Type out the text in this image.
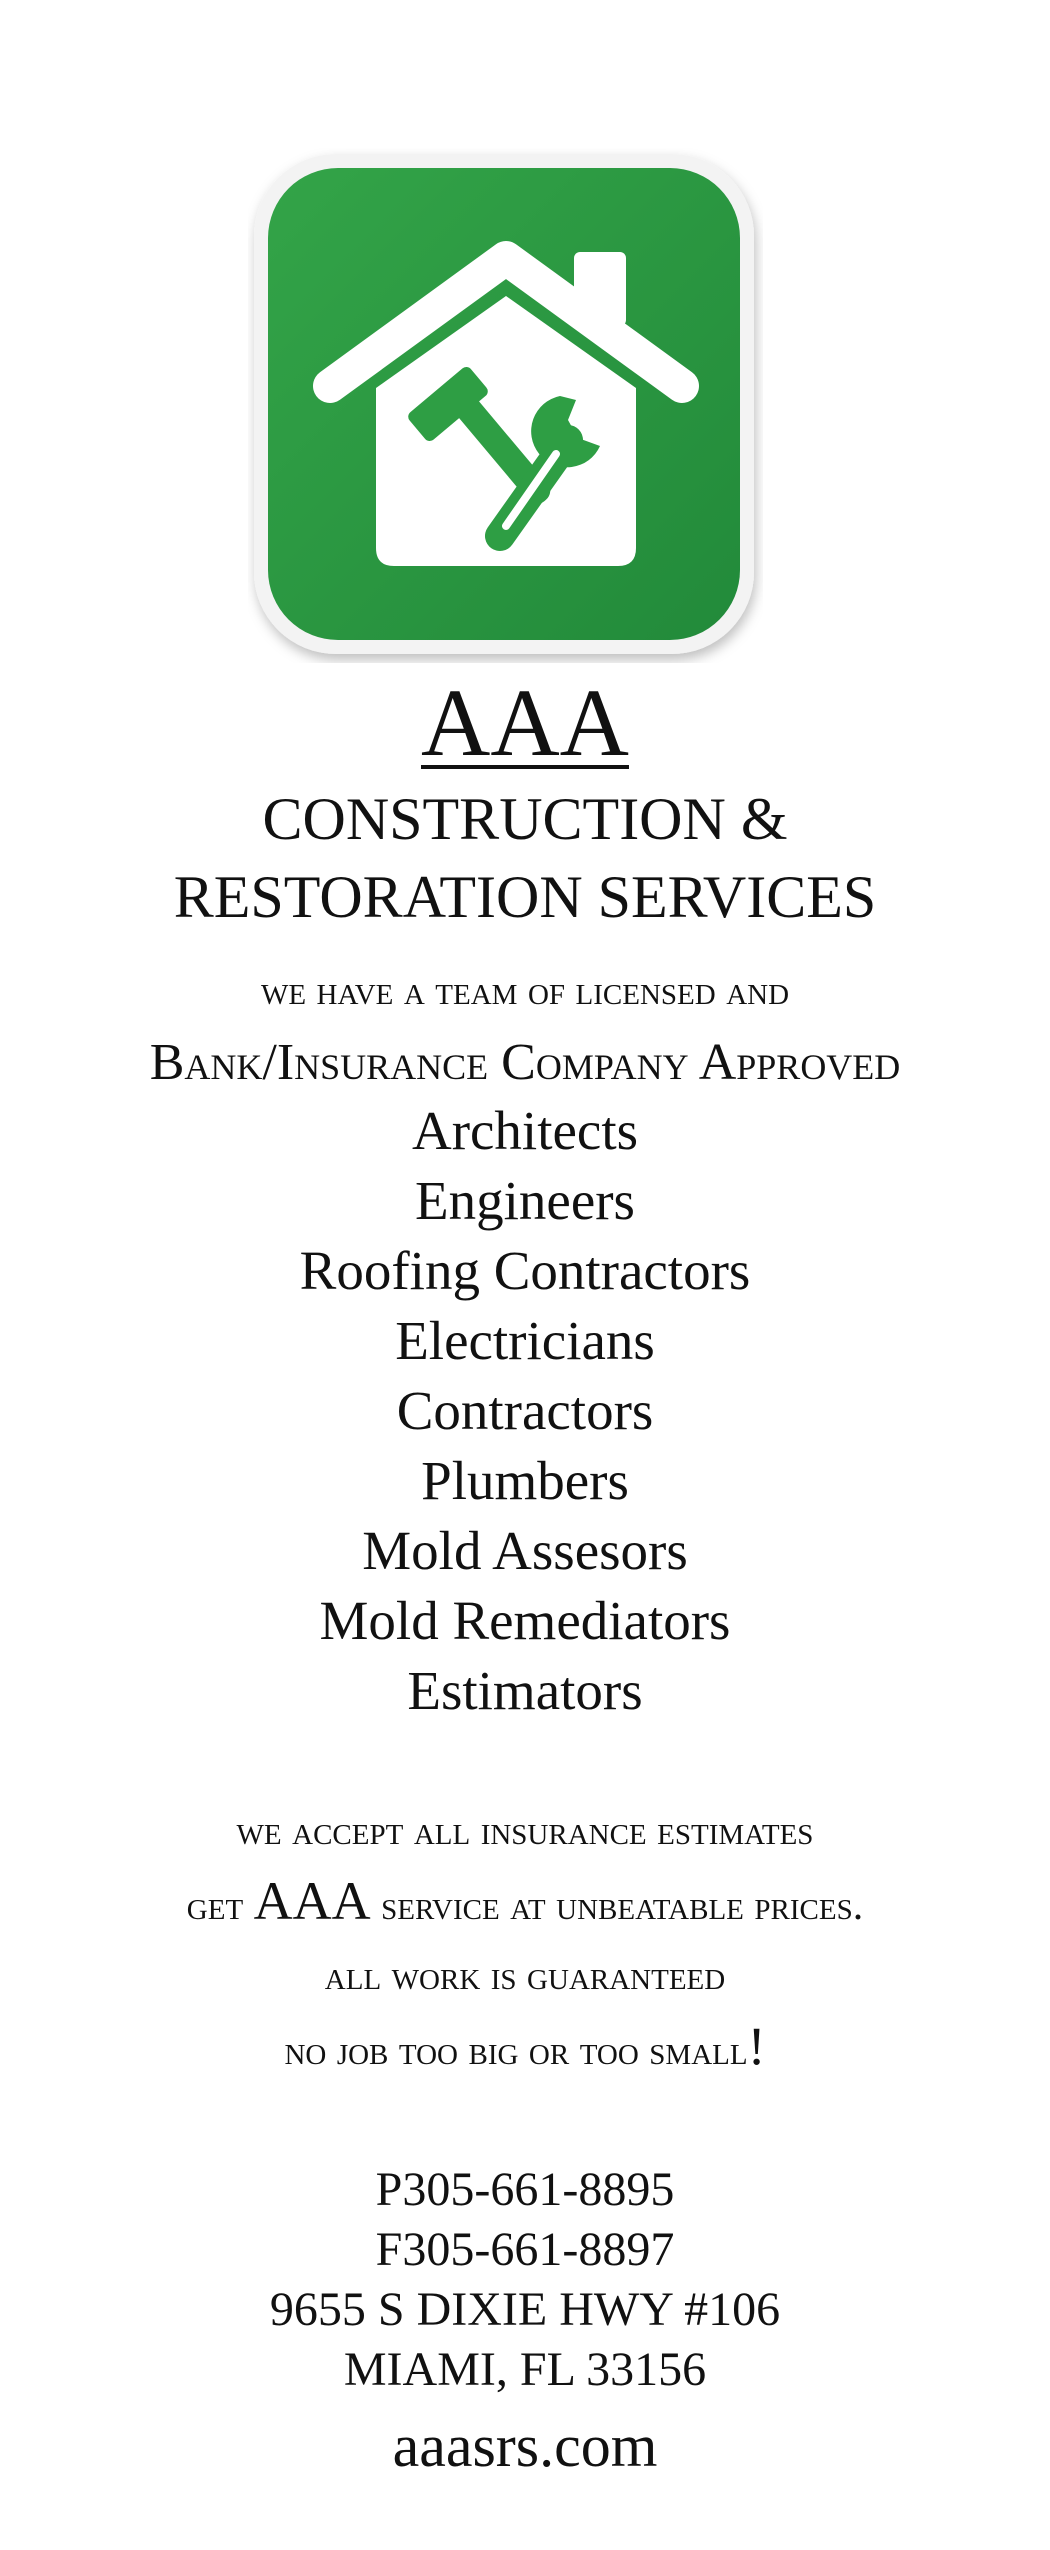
AAA
CONSTRUCTION &
RESTORATION SERVICES
we have a team of licensed and
Bank/Insurance Company Approved
Architects
Engineers
Roofing Contractors
Electricians
Contractors
Plumbers
Mold Assesors
Mold Remediators
Estimators
we accept all insurance estimates
get AAA service at unbeatable prices.
all work is guaranteed
no job too big or too small!
P305-661-8895
F305-661-8897
9655 S DIXIE HWY #106
MIAMI, FL 33156
aaasrs.com
